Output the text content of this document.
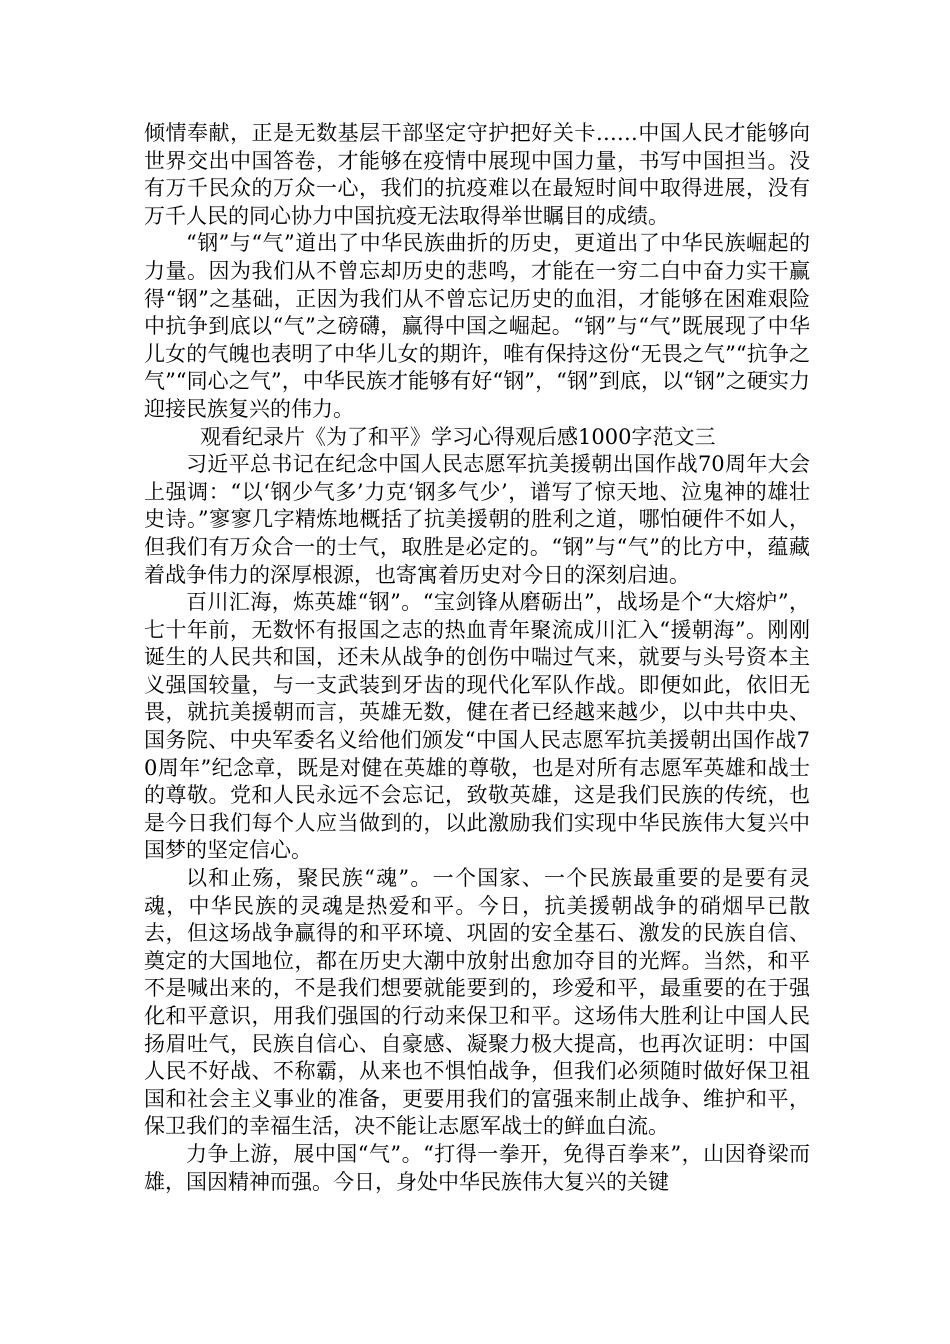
倾情奉献，正是无数基层干部坚定守护把好关卡……中国人民才能够向世界交出中国答卷，才能够在疫情中展现中国力量，书写中国担当。没有万千民众的万众一心，我们的抗疫难以在最短时间中取得进展，没有万千人民的同心协力中国抗疫无法取得举世瞩目的成绩。

“钢”与“气”道出了中华民族曲折的历史，更道出了中华民族崛起的力量。因为我们从不曾忘却历史的悲鸣，才能在一穷二白中奋力实干赢得“钢”之基础，正因为我们从不曾忘记历史的血泪，才能够在困难艰险中抗争到底以“气”之磅礴，赢得中国之崛起。“钢”与“气”既展现了中华儿女的气魄也表明了中华儿女的期许，唯有保持这份“无畏之气”“抗争之气”“同心之气”，中华民族才能够有好“钢”，“钢”到底，以“钢”之硬实力迎接民族复兴的伟力。

观看纪录片《为了和平》学习心得观后感1000字范文三

习近平总书记在纪念中国人民志愿军抗美援朝出国作战70周年大会上强调：“以‘钢少气多’力克‘钢多气少’，谱写了惊天地、泣鬼神的雄壮史诗。”寥寥几字精炼地概括了抗美援朝的胜利之道，哪怕硬件不如人，但我们有万众合一的士气，取胜是必定的。“钢”与“气”的比方中，蕴藏着战争伟力的深厚根源，也寄寓着历史对今日的深刻启迪。

百川汇海，炼英雄“钢”。“宝剑锋从磨砺出”，战场是个“大熔炉”，七十年前，无数怀有报国之志的热血青年聚流成川汇入“援朝海”。刚刚诞生的人民共和国，还未从战争的创伤中喘过气来，就要与头号资本主义强国较量，与一支武装到牙齿的现代化军队作战。即便如此，依旧无畏，就抗美援朝而言，英雄无数，健在者已经越来越少，以中共中央、国务院、中央军委名义给他们颁发“中国人民志愿军抗美援朝出国作战70周年”纪念章，既是对健在英雄的尊敬，也是对所有志愿军英雄和战士的尊敬。党和人民永远不会忘记，致敬英雄，这是我们民族的传统，也是今日我们每个人应当做到的，以此激励我们实现中华民族伟大复兴中国梦的坚定信心。

以和止殇，聚民族“魂”。一个国家、一个民族最重要的是要有灵魂，中华民族的灵魂是热爱和平。今日，抗美援朝战争的硝烟早已散去，但这场战争赢得的和平环境、巩固的安全基石、激发的民族自信、奠定的大国地位，都在历史大潮中放射出愈加夺目的光辉。当然，和平不是喊出来的，不是我们想要就能要到的，珍爱和平，最重要的在于强化和平意识，用我们强国的行动来保卫和平。这场伟大胜利让中国人民扬眉吐气，民族自信心、自豪感、凝聚力极大提高，也再次证明：中国人民不好战、不称霸，从来也不惧怕战争，但我们必须随时做好保卫祖国和社会主义事业的准备，更要用我们的富强来制止战争、维护和平，保卫我们的幸福生活，决不能让志愿军战士的鲜血白流。

力争上游，展中国“气”。“打得一拳开，免得百拳来”，山因脊梁而雄，国因精神而强。今日，身处中华民族伟大复兴的关键
